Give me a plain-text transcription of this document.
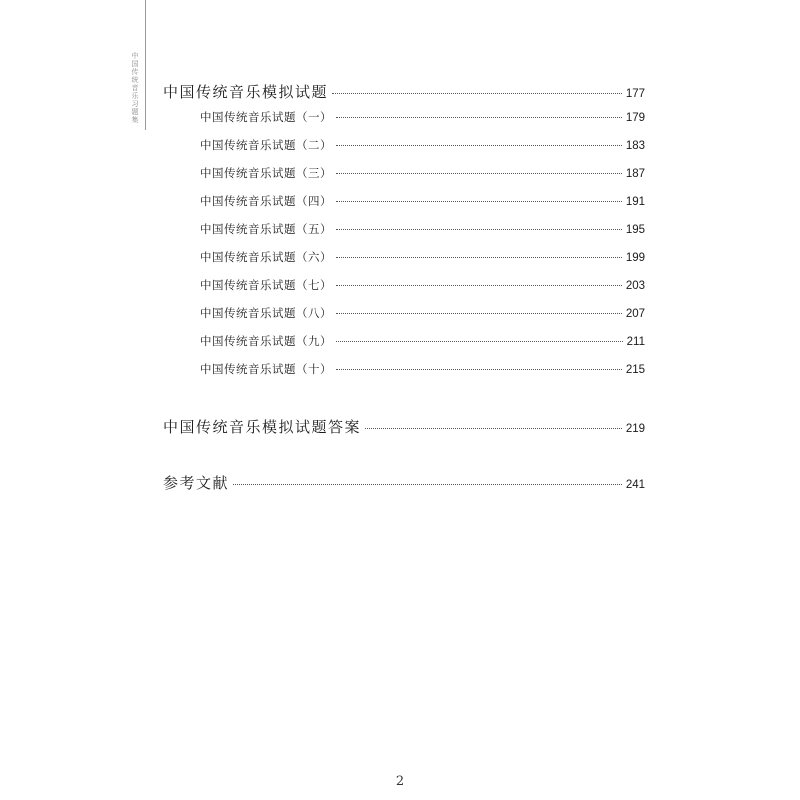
中国传统音乐习题集 中国传统音乐模拟试题	177
中国传统音乐试题（一）	179
中国传统音乐试题（二）	183
中国传统音乐试题（三）	187
中国传统音乐试题（四）	191
中国传统音乐试题（五）	195
中国传统音乐试题（六）	199
中国传统音乐试题（七）	203
中国传统音乐试题（八）	207
中国传统音乐试题（九）	211
中国传统音乐试题（十）	215
中国传统音乐模拟试题答案	219
参考文献	241
2
